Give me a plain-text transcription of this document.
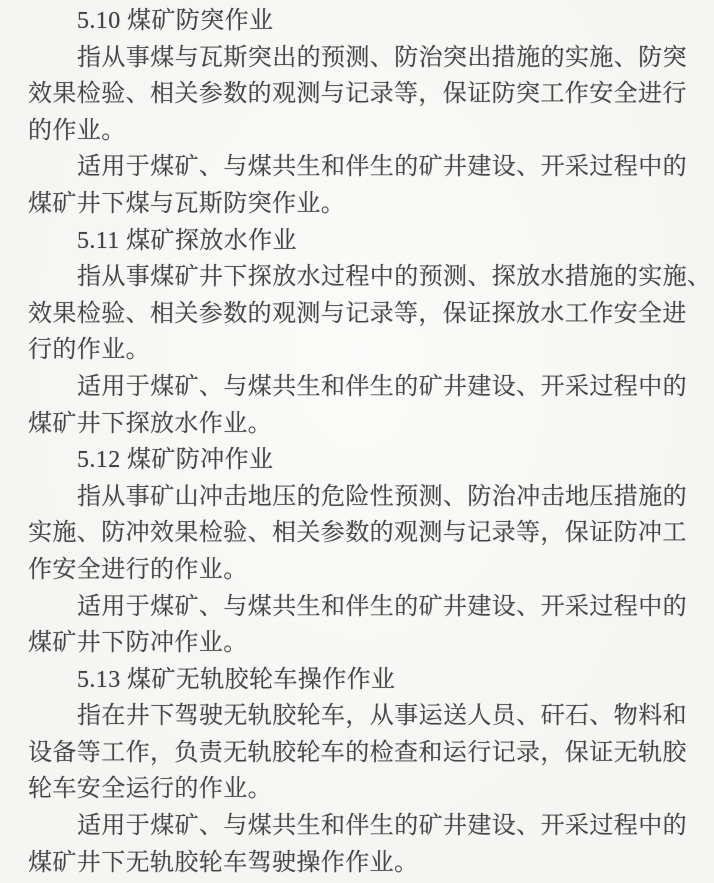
5.10 煤矿防突作业
指从事煤与瓦斯突出的预测、防治突出措施的实施、防突
效果检验、相关参数的观测与记录等，保证防突工作安全进行
的作业。
适用于煤矿、与煤共生和伴生的矿井建设、开采过程中的
煤矿井下煤与瓦斯防突作业。
5.11 煤矿探放水作业
指从事煤矿井下探放水过程中的预测、探放水措施的实施、
效果检验、相关参数的观测与记录等，保证探放水工作安全进
行的作业。
适用于煤矿、与煤共生和伴生的矿井建设、开采过程中的
煤矿井下探放水作业。
5.12 煤矿防冲作业
指从事矿山冲击地压的危险性预测、防治冲击地压措施的
实施、防冲效果检验、相关参数的观测与记录等，保证防冲工
作安全进行的作业。
适用于煤矿、与煤共生和伴生的矿井建设、开采过程中的
煤矿井下防冲作业。
5.13 煤矿无轨胶轮车操作作业
指在井下驾驶无轨胶轮车，从事运送人员、矸石、物料和
设备等工作，负责无轨胶轮车的检查和运行记录，保证无轨胶
轮车安全运行的作业。
适用于煤矿、与煤共生和伴生的矿井建设、开采过程中的
煤矿井下无轨胶轮车驾驶操作作业。
